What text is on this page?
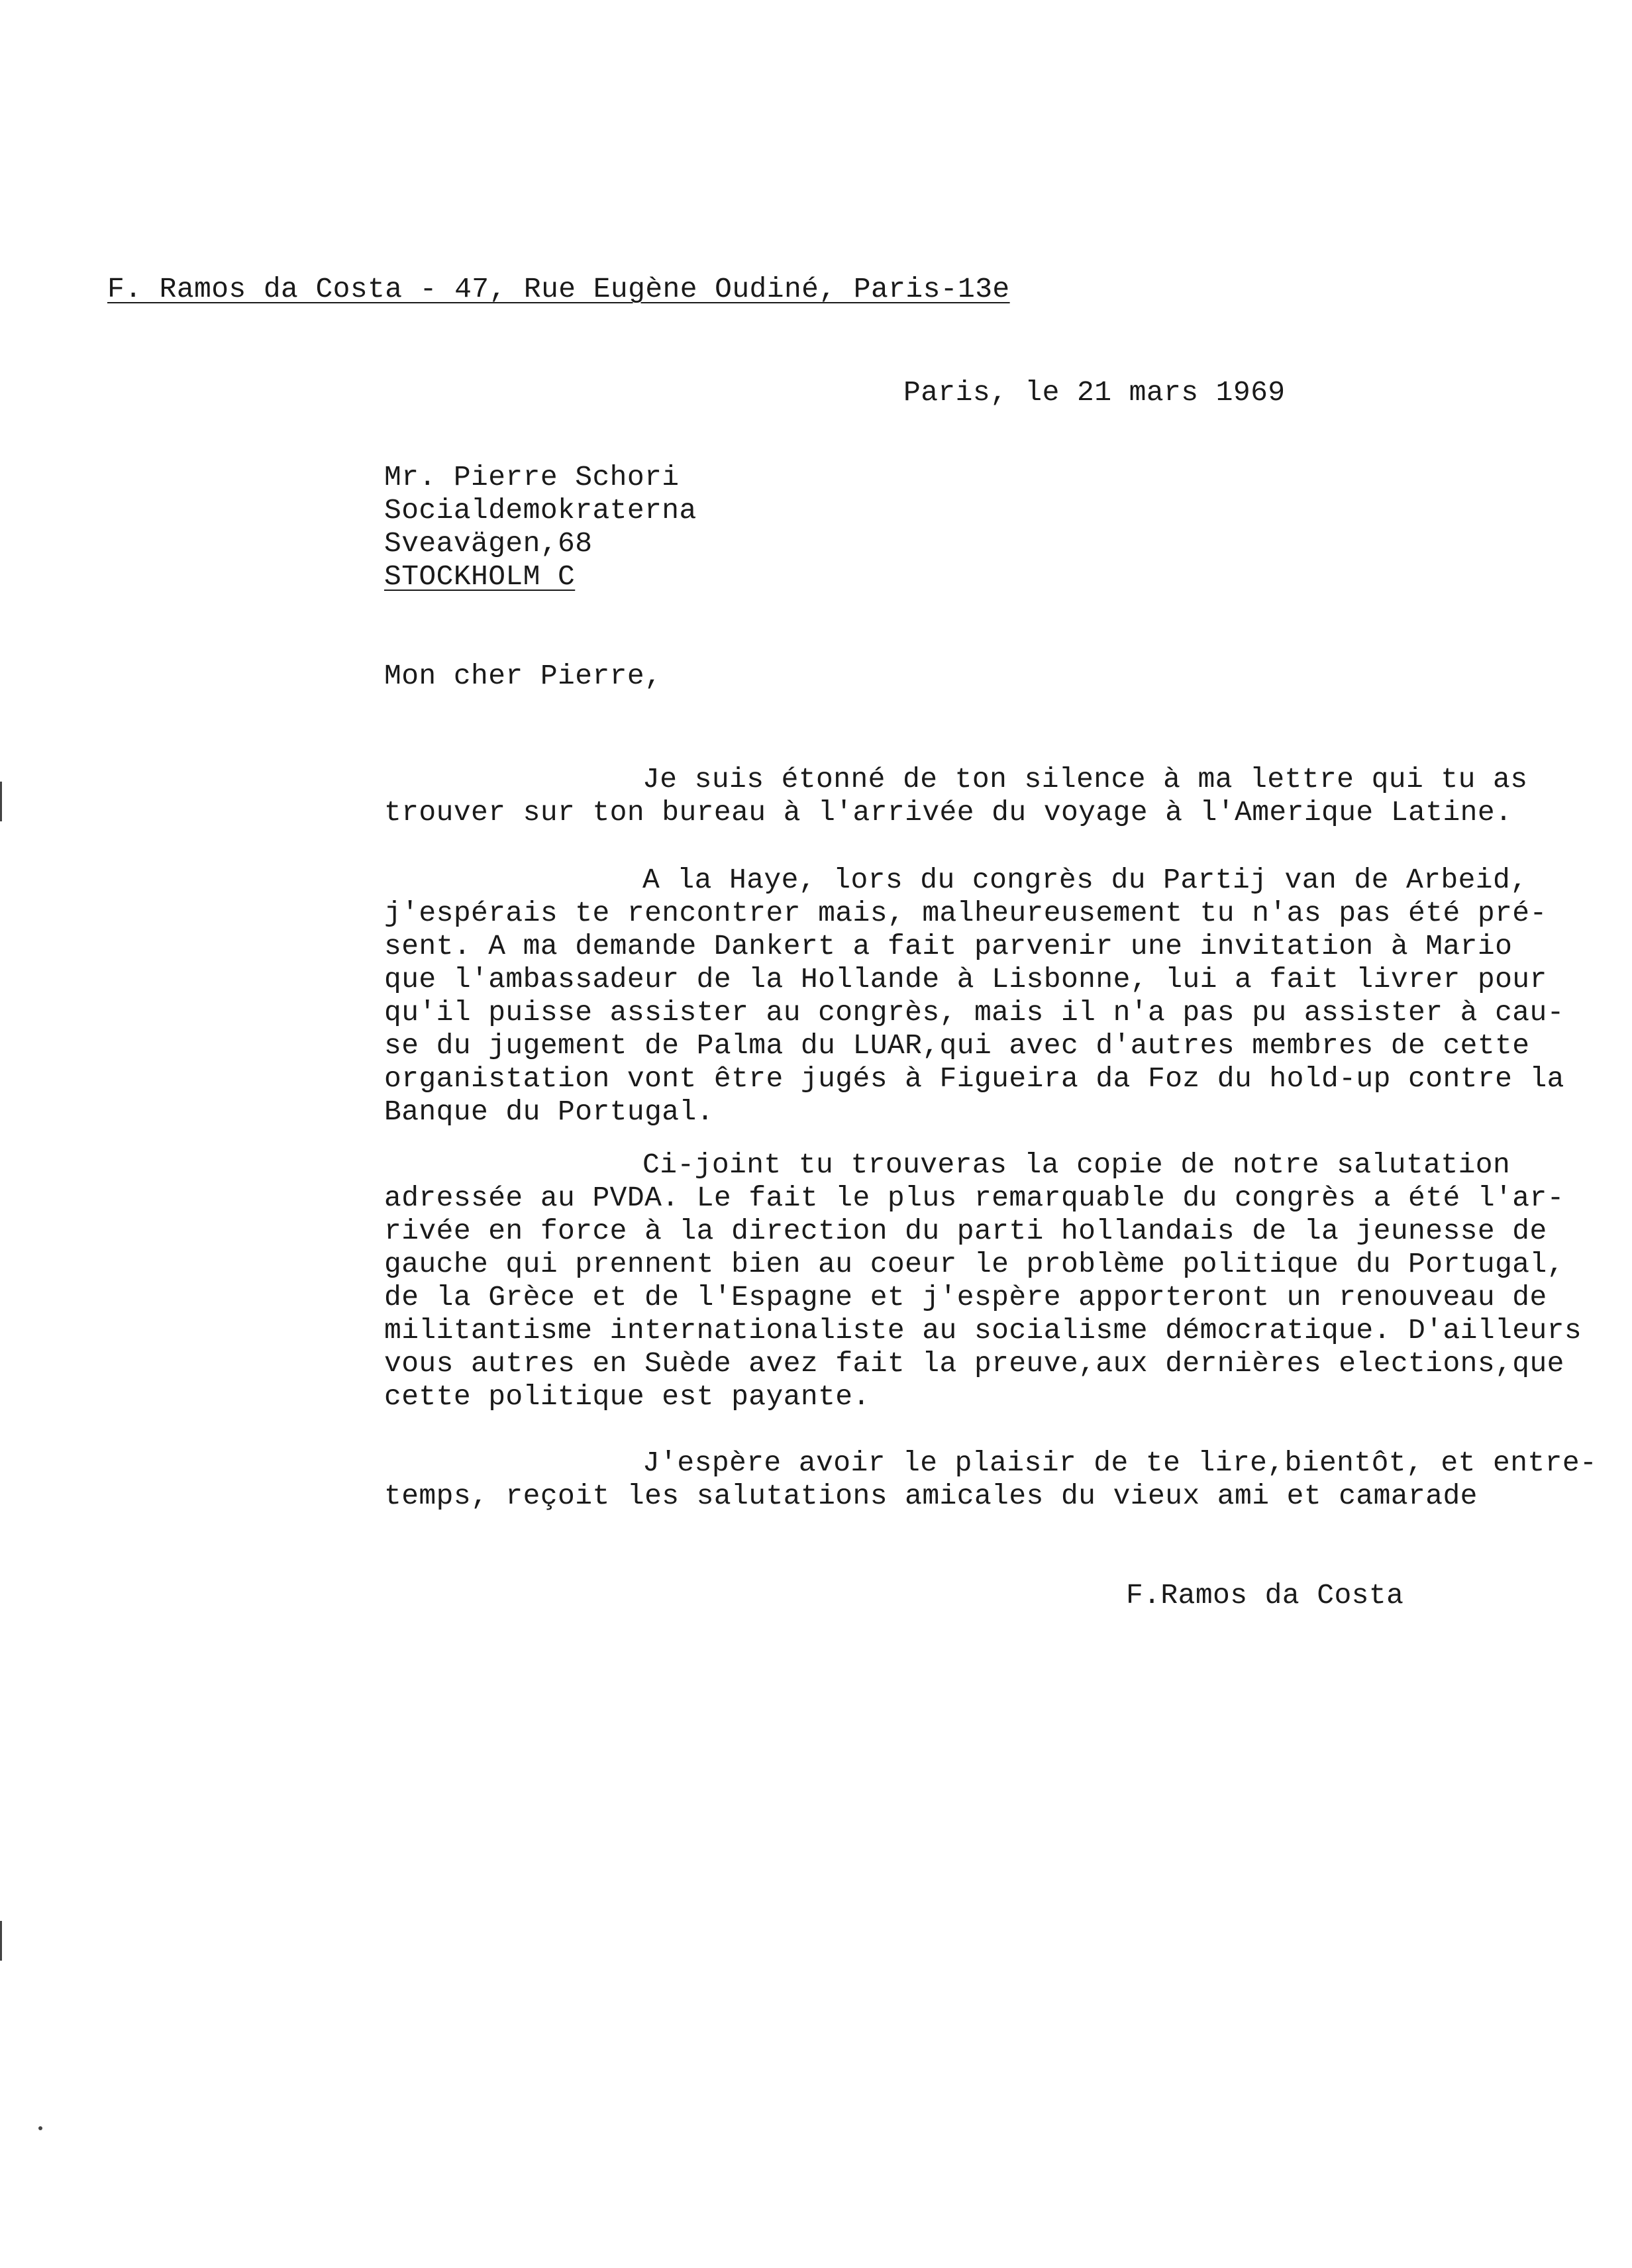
F. Ramos da Costa - 47, Rue Eugène Oudiné, Paris-13e
Paris, le 21 mars 1969
Mr. Pierre Schori
Socialdemokraterna
Sveavägen,68
STOCKHOLM C
Mon cher Pierre,
Je suis étonné de ton silence à ma lettre qui tu as
trouver sur ton bureau à l'arrivée du voyage à l'Amerique Latine.
A la Haye, lors du congrès du Partij van de Arbeid,
j'espérais te rencontrer mais, malheureusement tu n'as pas été pré-
sent. A ma demande Dankert a fait parvenir une invitation à Mario
que l'ambassadeur de la Hollande à Lisbonne, lui a fait livrer pour
qu'il puisse assister au congrès, mais il n'a pas pu assister à cau-
se du jugement de Palma du LUAR,qui avec d'autres membres de cette
organistation vont être jugés à Figueira da Foz du hold-up contre la
Banque du Portugal.
Ci-joint tu trouveras la copie de notre salutation
adressée au PVDA. Le fait le plus remarquable du congrès a été l'ar-
rivée en force à la direction du parti hollandais de la jeunesse de
gauche qui prennent bien au coeur le problème politique du Portugal,
de la Grèce et de l'Espagne et j'espère apporteront un renouveau de
militantisme internationaliste au socialisme démocratique. D'ailleurs
vous autres en Suède avez fait la preuve,aux dernières elections,que
cette politique est payante.
J'espère avoir le plaisir de te lire,bientôt, et entre-
temps, reçoit les salutations amicales du vieux ami et camarade
F.Ramos da Costa
